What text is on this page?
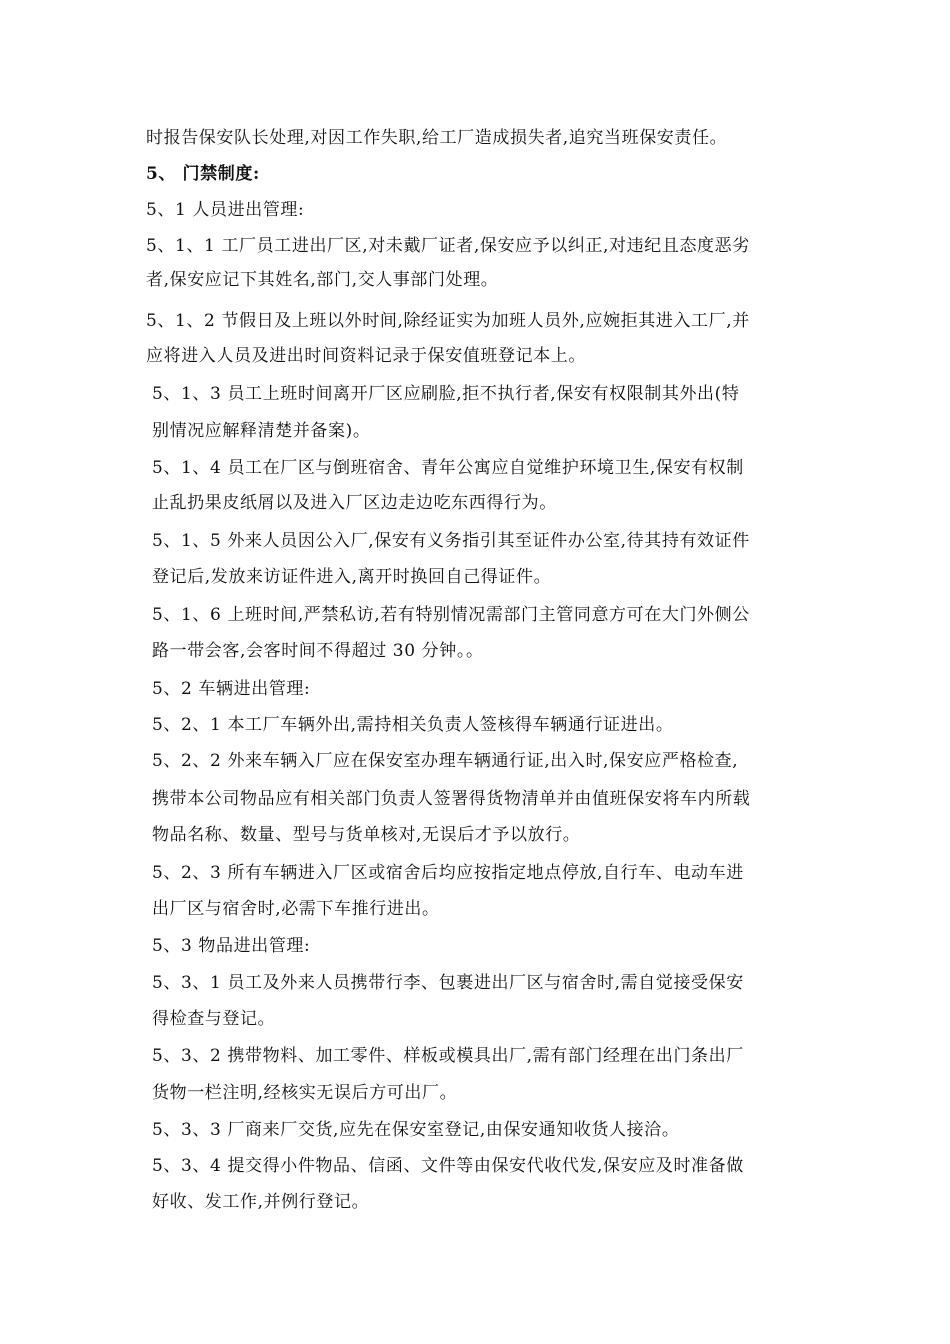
时报告保安队长处理,对因工作失职,给工厂造成损失者,追究当班保安责任。
5、 门禁制度:
5、1 人员进出管理:
5、1、1 工厂员工进出厂区,对未戴厂证者,保安应予以纠正,对违纪且态度恶劣
者,保安应记下其姓名,部门,交人事部门处理。
5、1、2 节假日及上班以外时间,除经证实为加班人员外,应婉拒其进入工厂,并
应将进入人员及进出时间资料记录于保安值班登记本上。
5、1、3 员工上班时间离开厂区应刷脸,拒不执行者,保安有权限制其外出(特
别情况应解释清楚并备案)。
5、1、4 员工在厂区与倒班宿舍、青年公寓应自觉维护环境卫生,保安有权制
止乱扔果皮纸屑以及进入厂区边走边吃东西得行为。
5、1、5 外来人员因公入厂,保安有义务指引其至证件办公室,待其持有效证件
登记后,发放来访证件进入,离开时换回自己得证件。
5、1、6 上班时间,严禁私访,若有特别情况需部门主管同意方可在大门外侧公
路一带会客,会客时间不得超过 30 分钟。。
5、2 车辆进出管理:
5、2、1 本工厂车辆外出,需持相关负责人签核得车辆通行证进出。
5、2、2 外来车辆入厂应在保安室办理车辆通行证,出入时,保安应严格检查,
携带本公司物品应有相关部门负责人签署得货物清单并由值班保安将车内所载
物品名称、数量、型号与货单核对,无误后才予以放行。
5、2、3 所有车辆进入厂区或宿舍后均应按指定地点停放,自行车、电动车进
出厂区与宿舍时,必需下车推行进出。
5、3 物品进出管理:
5、3、1 员工及外来人员携带行李、包裹进出厂区与宿舍时,需自觉接受保安
得检查与登记。
5、3、2 携带物料、加工零件、样板或模具出厂,需有部门经理在出门条出厂
货物一栏注明,经核实无误后方可出厂。
5、3、3 厂商来厂交货,应先在保安室登记,由保安通知收货人接洽。
5、3、4 提交得小件物品、信函、文件等由保安代收代发,保安应及时准备做
好收、发工作,并例行登记。
